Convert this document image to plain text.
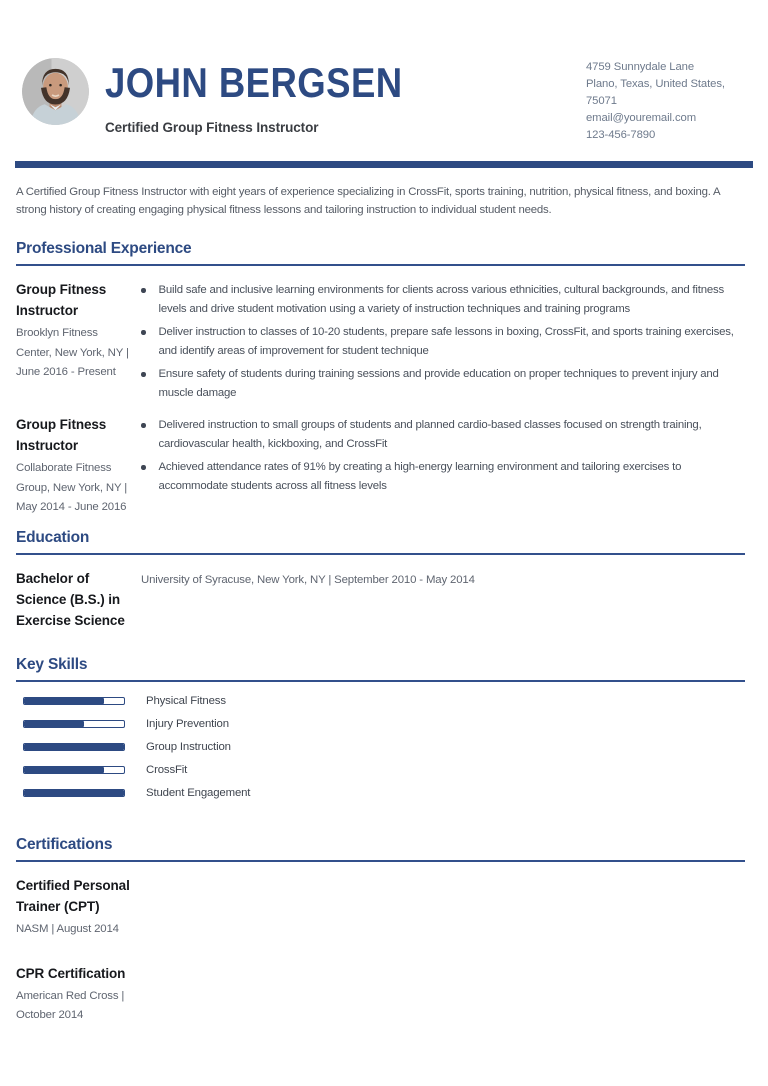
JOHN BERGSEN
Certified Group Fitness Instructor
4759 Sunnydale Lane
Plano, Texas, United States,
75071
email@youremail.com
123-456-7890
A Certified Group Fitness Instructor with eight years of experience specializing in CrossFit, sports training, nutrition, physical fitness, and boxing. A strong history of creating engaging physical fitness lessons and tailoring instruction to individual student needs.
Professional Experience
Group Fitness Instructor
Brooklyn Fitness Center, New York, NY | June 2016 - Present
Build safe and inclusive learning environments for clients across various ethnicities, cultural backgrounds, and fitness levels and drive student motivation using a variety of instruction techniques and training programs
Deliver instruction to classes of 10-20 students, prepare safe lessons in boxing, CrossFit, and sports training exercises, and identify areas of improvement for student technique
Ensure safety of students during training sessions and provide education on proper techniques to prevent injury and muscle damage
Group Fitness Instructor
Collaborate Fitness Group, New York, NY | May 2014 - June 2016
Delivered instruction to small groups of students and planned cardio-based classes focused on strength training, cardiovascular health, kickboxing, and CrossFit
Achieved attendance rates of 91% by creating a high-energy learning environment and tailoring exercises to accommodate students across all fitness levels
Education
Bachelor of Science (B.S.) in Exercise Science
University of Syracuse, New York, NY | September 2010 - May 2014
Key Skills
Physical Fitness
Injury Prevention
Group Instruction
CrossFit
Student Engagement
Certifications
Certified Personal Trainer (CPT)
NASM | August 2014
CPR Certification
American Red Cross | October 2014
